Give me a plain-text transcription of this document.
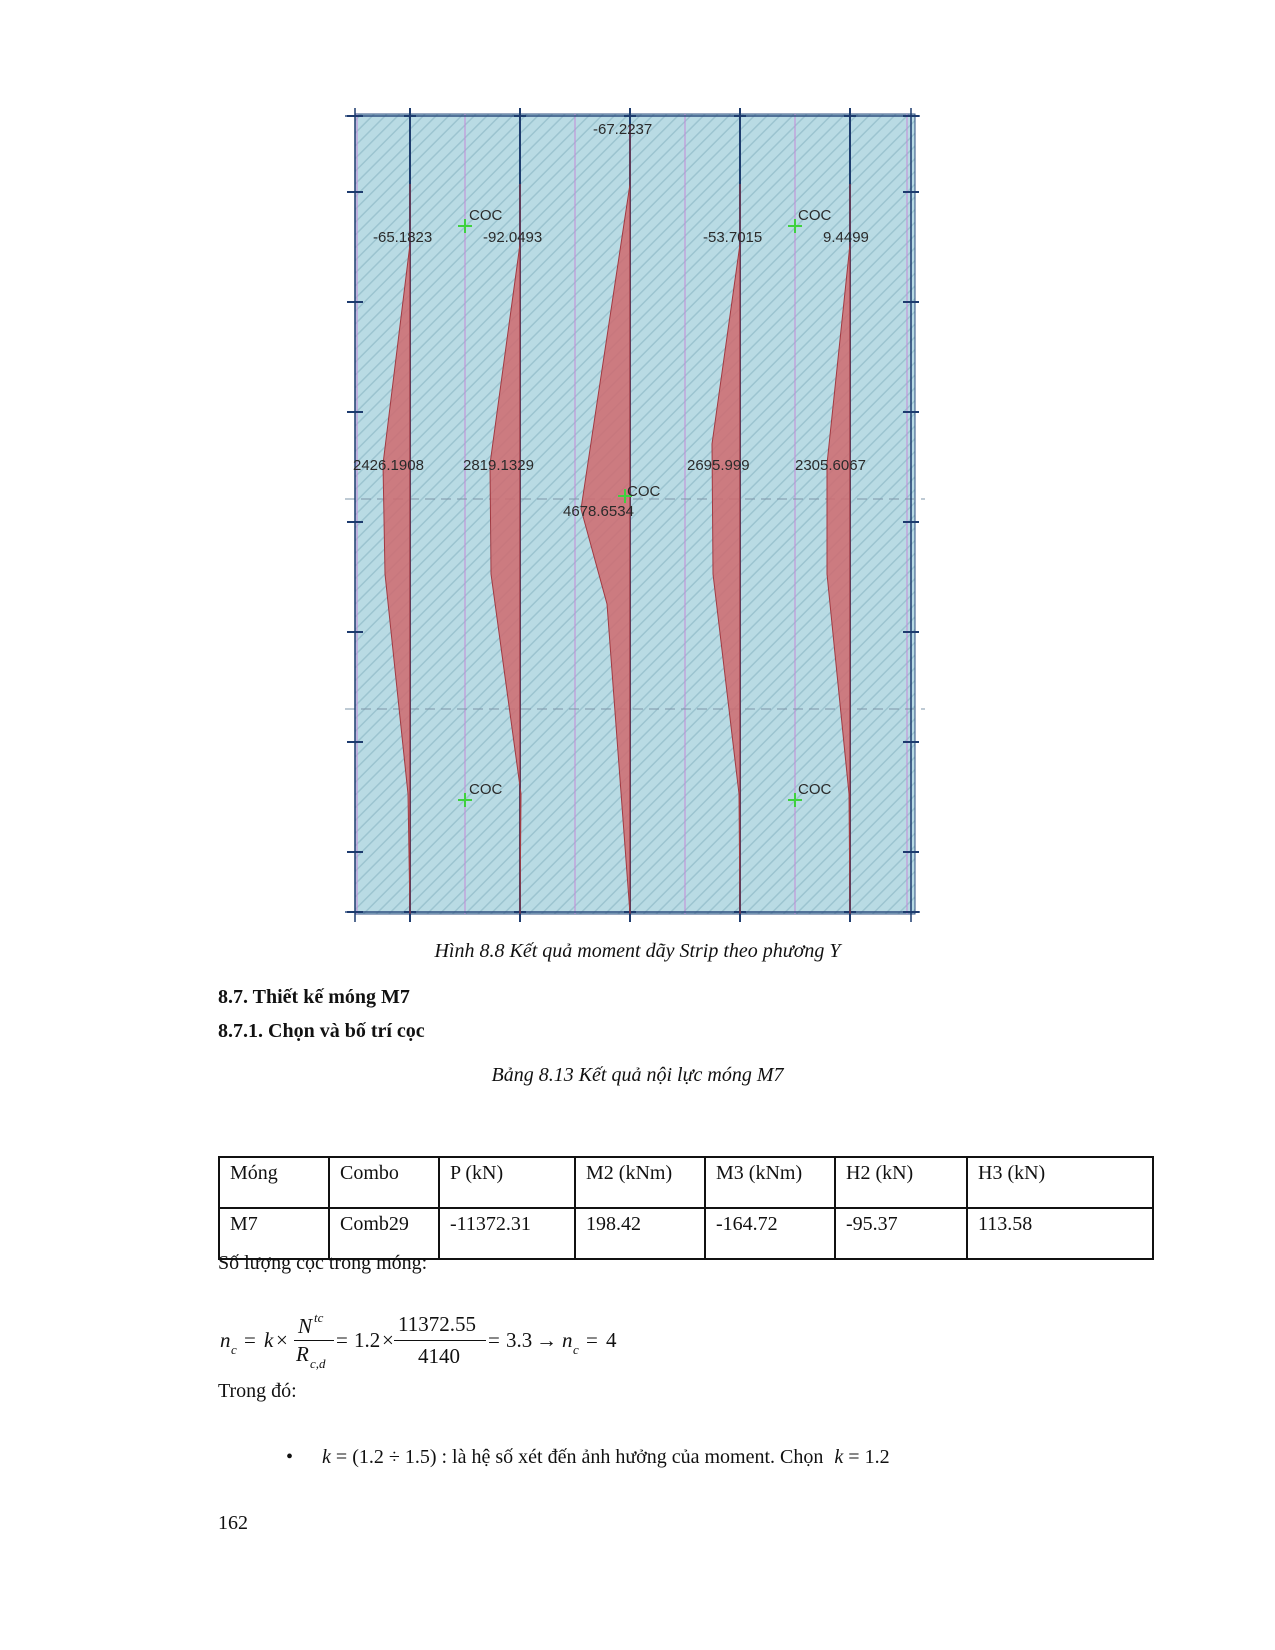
-65.1823	-92.0493
-67.2237
-53.7015	9.4499
2426.1908	2819.1329
4678.6534
2695.999	2305.6067
COC	COC
COC
COC	COC
Hình 8.8 Kết quả moment dãy Strip theo phương Y
8.7. Thiết kế móng M7
8.7.1. Chọn và bố trí cọc
Bảng 8.13 Kết quả nội lực móng M7
Móng	Combo	P (kN)	M2 (kNm)	M3 (kNm)	H2 (kN)	H3 (kN)
M7	Comb29	-11372.31	198.42	-164.72	-95.37	113.58
Số lượng cọc trong móng:
n c = k ×
N tc
R c,d
= 1.2 ×
11372.55
4140
= 3.3 → n c = 4
Trong đó:
• k = (1.2 ÷ 1.5) : là hệ số xét đến ảnh hưởng của moment. Chọn k = 1.2
162
